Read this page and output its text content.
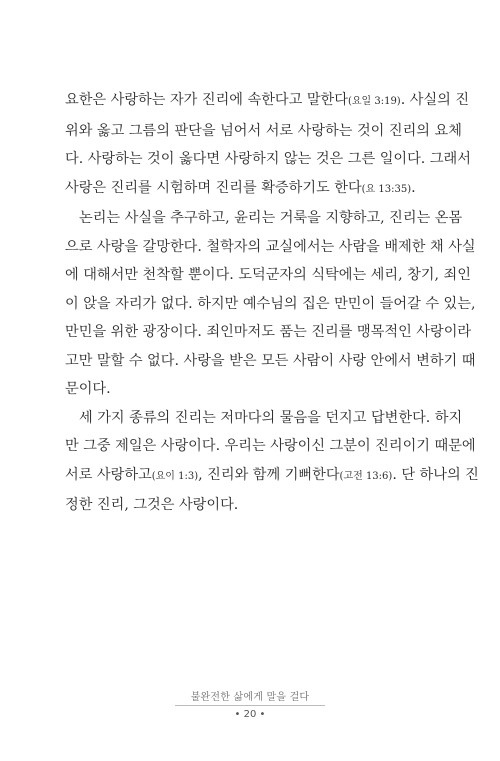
요한은 사랑하는 자가 진리에 속한다고 말한다(요일 3:19). 사실의 진
위와 옳고 그름의 판단을 넘어서 서로 사랑하는 것이 진리의 요체
다. 사랑하는 것이 옳다면 사랑하지 않는 것은 그른 일이다. 그래서
사랑은 진리를 시험하며 진리를 확증하기도 한다(요 13:35).
논리는 사실을 추구하고, 윤리는 거룩을 지향하고, 진리는 온몸
으로 사랑을 갈망한다. 철학자의 교실에서는 사람을 배제한 채 사실
에 대해서만 천착할 뿐이다. 도덕군자의 식탁에는 세리, 창기, 죄인
이 앉을 자리가 없다. 하지만 예수님의 집은 만민이 들어갈 수 있는,
만민을 위한 광장이다. 죄인마저도 품는 진리를 맹목적인 사랑이라
고만 말할 수 없다. 사랑을 받은 모든 사람이 사랑 안에서 변하기 때
문이다.
세 가지 종류의 진리는 저마다의 물음을 던지고 답변한다. 하지
만 그중 제일은 사랑이다. 우리는 사랑이신 그분이 진리이기 때문에
서로 사랑하고(요이 1:3), 진리와 함께 기뻐한다(고전 13:6). 단 하나의 진
정한 진리, 그것은 사랑이다.
불완전한 삶에게 말을 걸다
• 20 •
